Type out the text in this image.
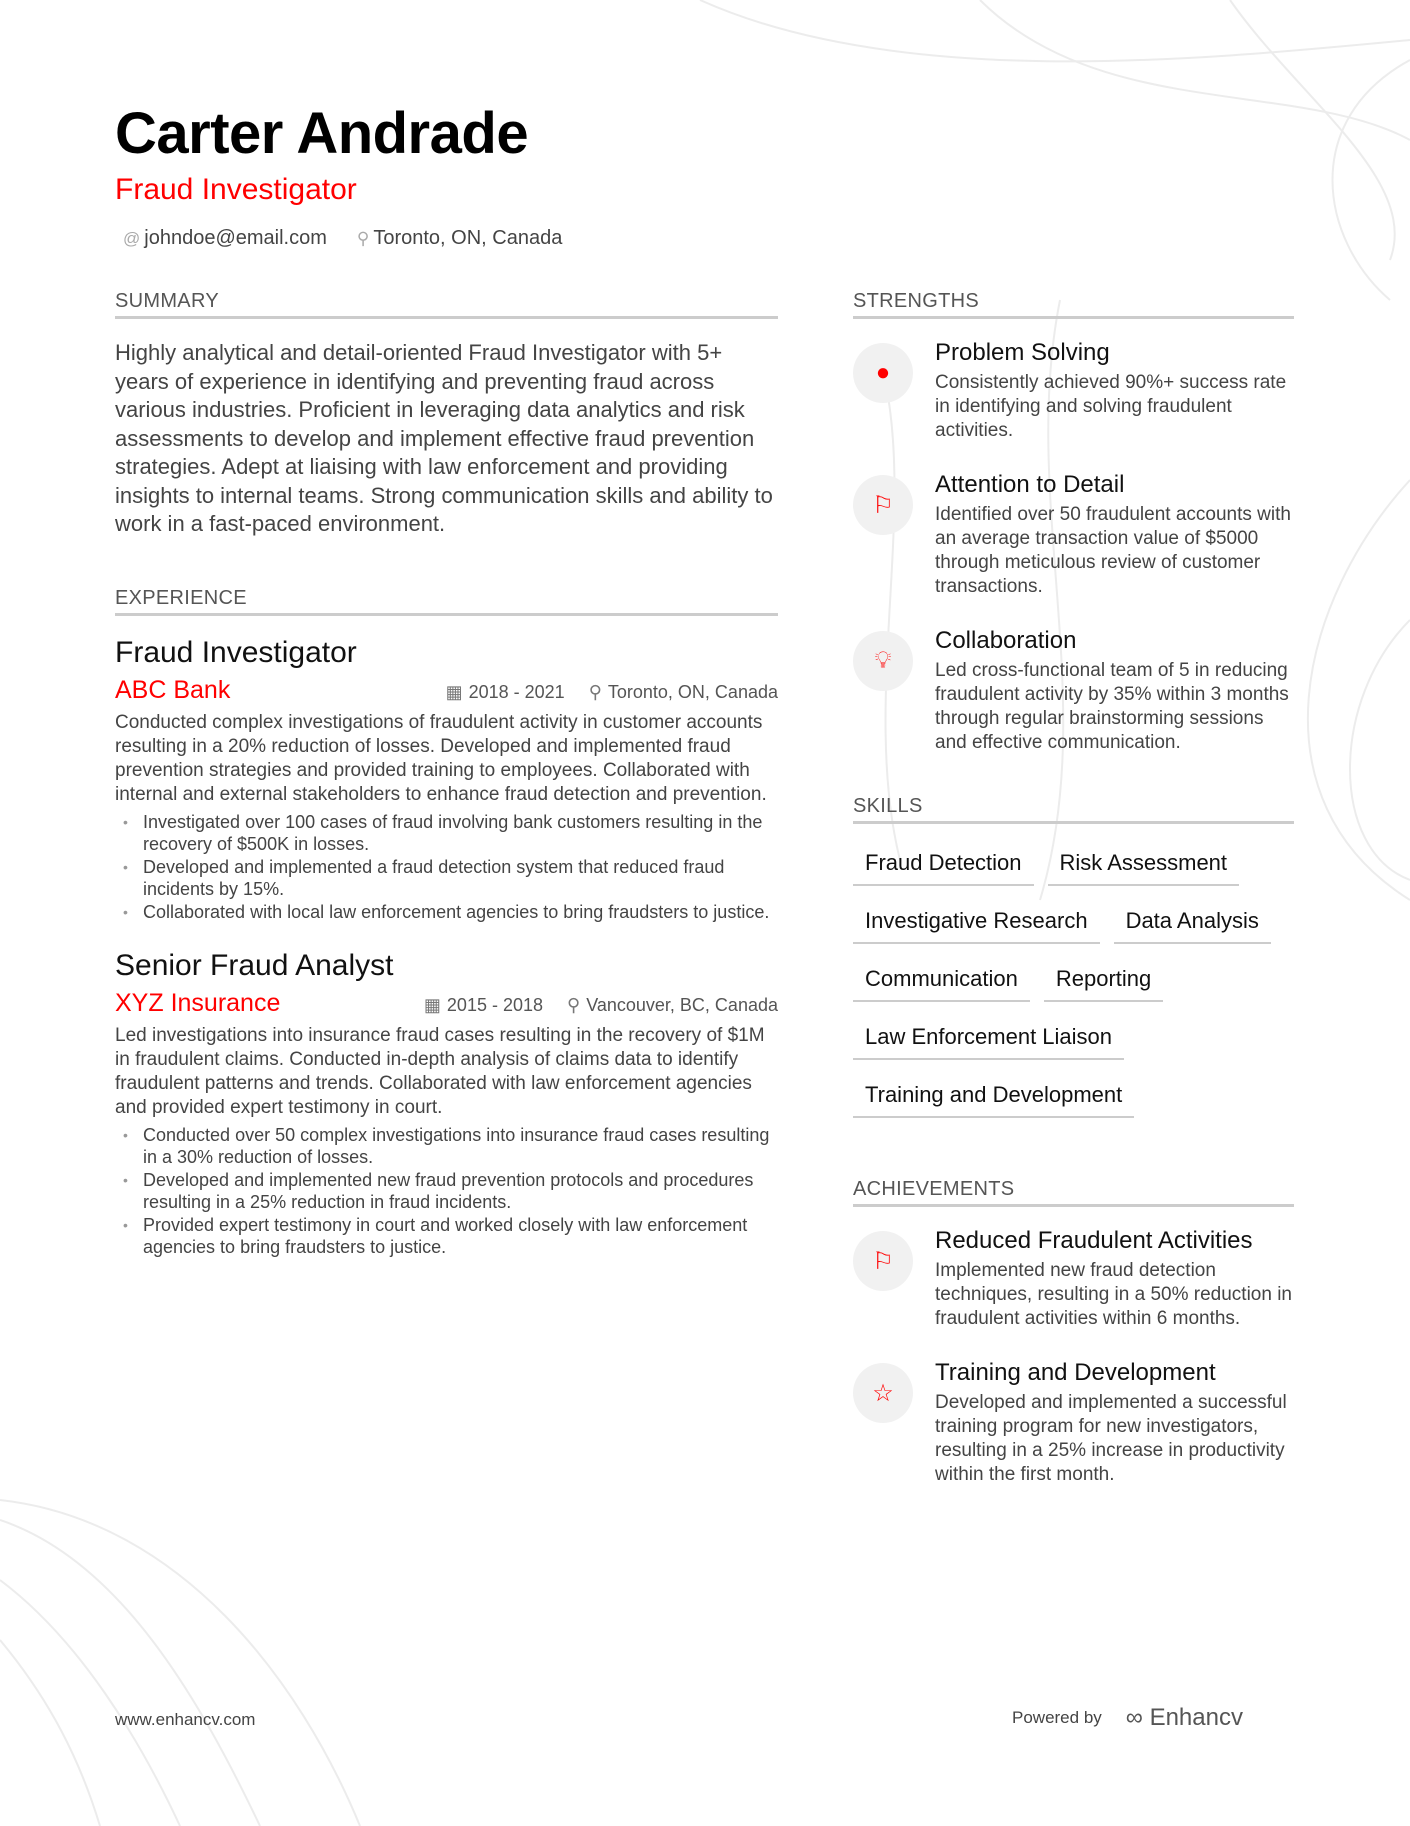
Carter Andrade
Fraud Investigator
@ johndoe@email.com ⚲ Toronto, ON, Canada
SUMMARY

Highly analytical and detail-oriented Fraud Investigator with 5+ years of experience in identifying and preventing fraud across various industries. Proficient in leveraging data analytics and risk assessments to develop and implement effective fraud prevention strategies. Adept at liaising with law enforcement and providing insights to internal teams. Strong communication skills and ability to work in a fast-paced environment.

EXPERIENCE
Fraud Investigator
ABC Bank	▦ 2018 - 2021 ⚲ Toronto, ON, Canada

Conducted complex investigations of fraudulent activity in customer accounts resulting in a 20% reduction of losses. Developed and implemented fraud prevention strategies and provided training to employees. Collaborated with internal and external stakeholders to enhance fraud detection and prevention.

• Investigated over 100 cases of fraud involving bank customers resulting in the recovery of $500K in losses.
• Developed and implemented a fraud detection system that reduced fraud incidents by 15%.
• Collaborated with local law enforcement agencies to bring fraudsters to justice.
Senior Fraud Analyst
XYZ Insurance	▦ 2015 - 2018 ⚲ Vancouver, BC, Canada

Led investigations into insurance fraud cases resulting in the recovery of $1M in fraudulent claims. Conducted in-depth analysis of claims data to identify fraudulent patterns and trends. Collaborated with law enforcement agencies and provided expert testimony in court.

• Conducted over 50 complex investigations into insurance fraud cases resulting in a 30% reduction of losses.
• Developed and implemented new fraud prevention protocols and procedures resulting in a 25% reduction in fraud incidents.
• Provided expert testimony in court and worked closely with law enforcement agencies to bring fraudsters to justice.
STRENGTHS
●
Problem Solving
Consistently achieved 90%+ success rate in identifying and solving fraudulent activities.
⚐
Attention to Detail
Identified over 50 fraudulent accounts with an average transaction value of $5000 through meticulous review of customer transactions.
💡︎
Collaboration
Led cross-functional team of 5 in reducing fraudulent activity by 35% within 3 months through regular brainstorming sessions and effective communication.
SKILLS
Fraud Detection	Risk Assessment
Investigative Research	Data Analysis
Communication	Reporting
Law Enforcement Liaison
Training and Development
ACHIEVEMENTS
⚐
Reduced Fraudulent Activities
Implemented new fraud detection techniques, resulting in a 50% reduction in fraudulent activities within 6 months.
☆
Training and Development
Developed and implemented a successful training program for new investigators, resulting in a 25% increase in productivity within the first month.
www.enhancv.com	Powered by ∞ Enhancv
